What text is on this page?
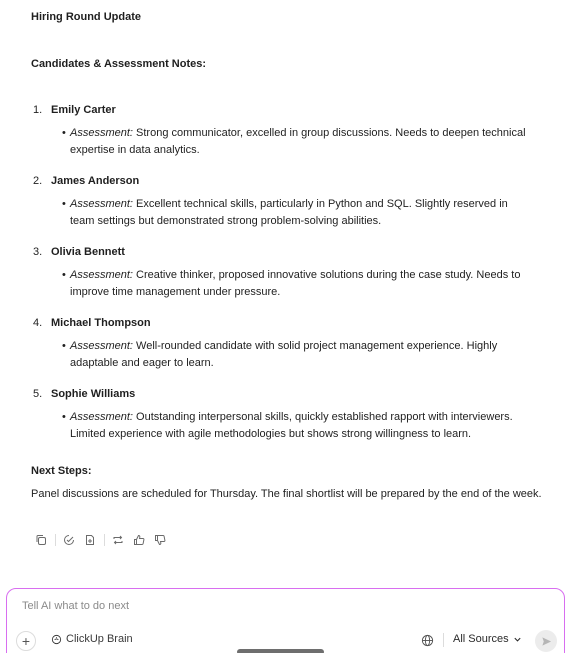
Hiring Round Update
Candidates & Assessment Notes:
1. Emily Carter
• Assessment: Strong communicator, excelled in group discussions. Needs to deepen technical expertise in data analytics.
2. James Anderson
• Assessment: Excellent technical skills, particularly in Python and SQL. Slightly reserved in team settings but demonstrated strong problem-solving abilities.
3. Olivia Bennett
• Assessment: Creative thinker, proposed innovative solutions during the case study. Needs to improve time management under pressure.
4. Michael Thompson
• Assessment: Well-rounded candidate with solid project management experience. Highly adaptable and eager to learn.
5. Sophie Williams
• Assessment: Outstanding interpersonal skills, quickly established rapport with interviewers. Limited experience with agile methodologies but shows strong willingness to learn.
Next Steps:
Panel discussions are scheduled for Thursday. The final shortlist will be prepared by the end of the week.
Tell AI what to do next
+	ClickUp Brain	All Sources
